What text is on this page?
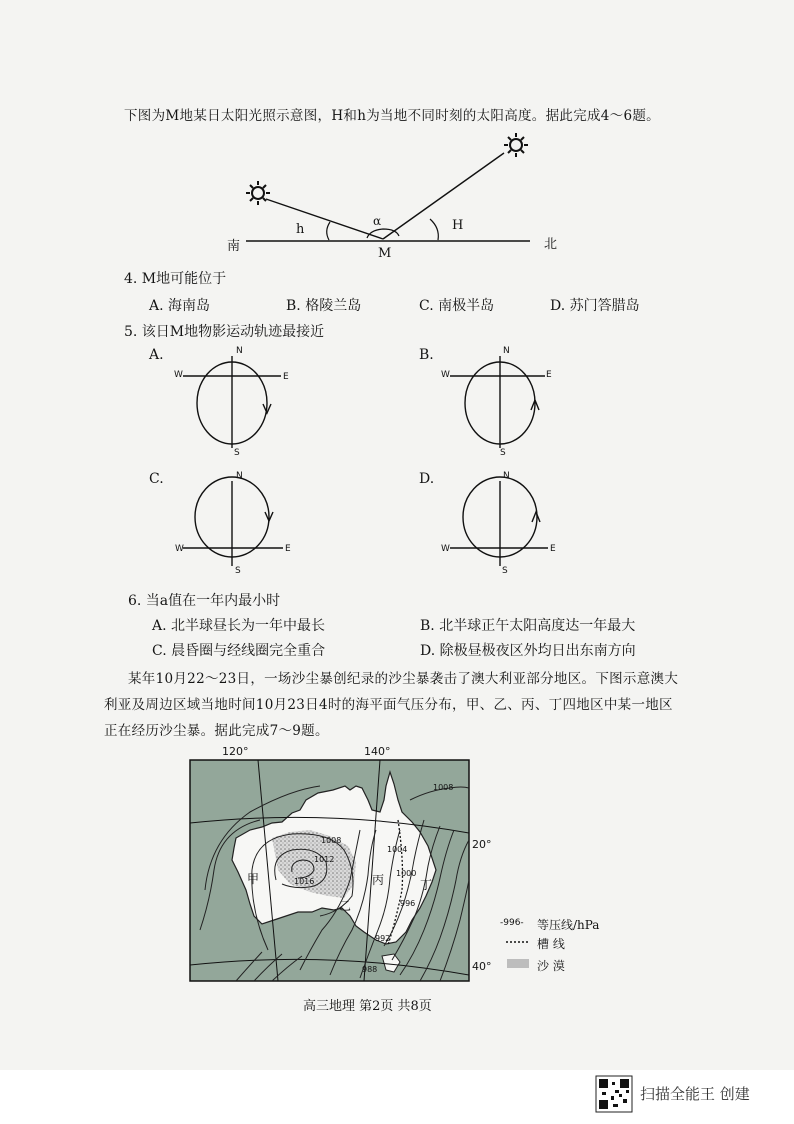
下图为M地某日太阳光照示意图，H和h为当地不同时刻的太阳高度。据此完成4～6题。
南	北
M
h
α	H
4. M地可能位于
A. 海南岛	B. 格陵兰岛	C. 南极半岛	D. 苏门答腊岛
5. 该日M地物影运动轨迹最接近
A.	B.
C.	D.
N
W	E
S
N
W	E
S
N
W	E
S
N
W	E
S
6. 当a值在一年内最小时
A. 北半球昼长为一年中最长	B. 北半球正午太阳高度达一年最大
C. 晨昏圈与经线圈完全重合	D. 除极昼极夜区外均日出东南方向
某年10月22～23日，一场沙尘暴创纪录的沙尘暴袭击了澳大利亚部分地区。下图示意澳大
利亚及周边区域当地时间10月23日4时的海平面气压分布，甲、乙、丙、丁四地区中某一地区
正在经历沙尘暴。据此完成7～9题。
120°	140°
20°
40°
1008
1008
1012
1016
1004
1000
996
992
988
甲
乙
丙	丁
-996- 等压线/hPa
槽 线
沙 漠
高三地理 第2页 共8页
扫描全能王 创建
